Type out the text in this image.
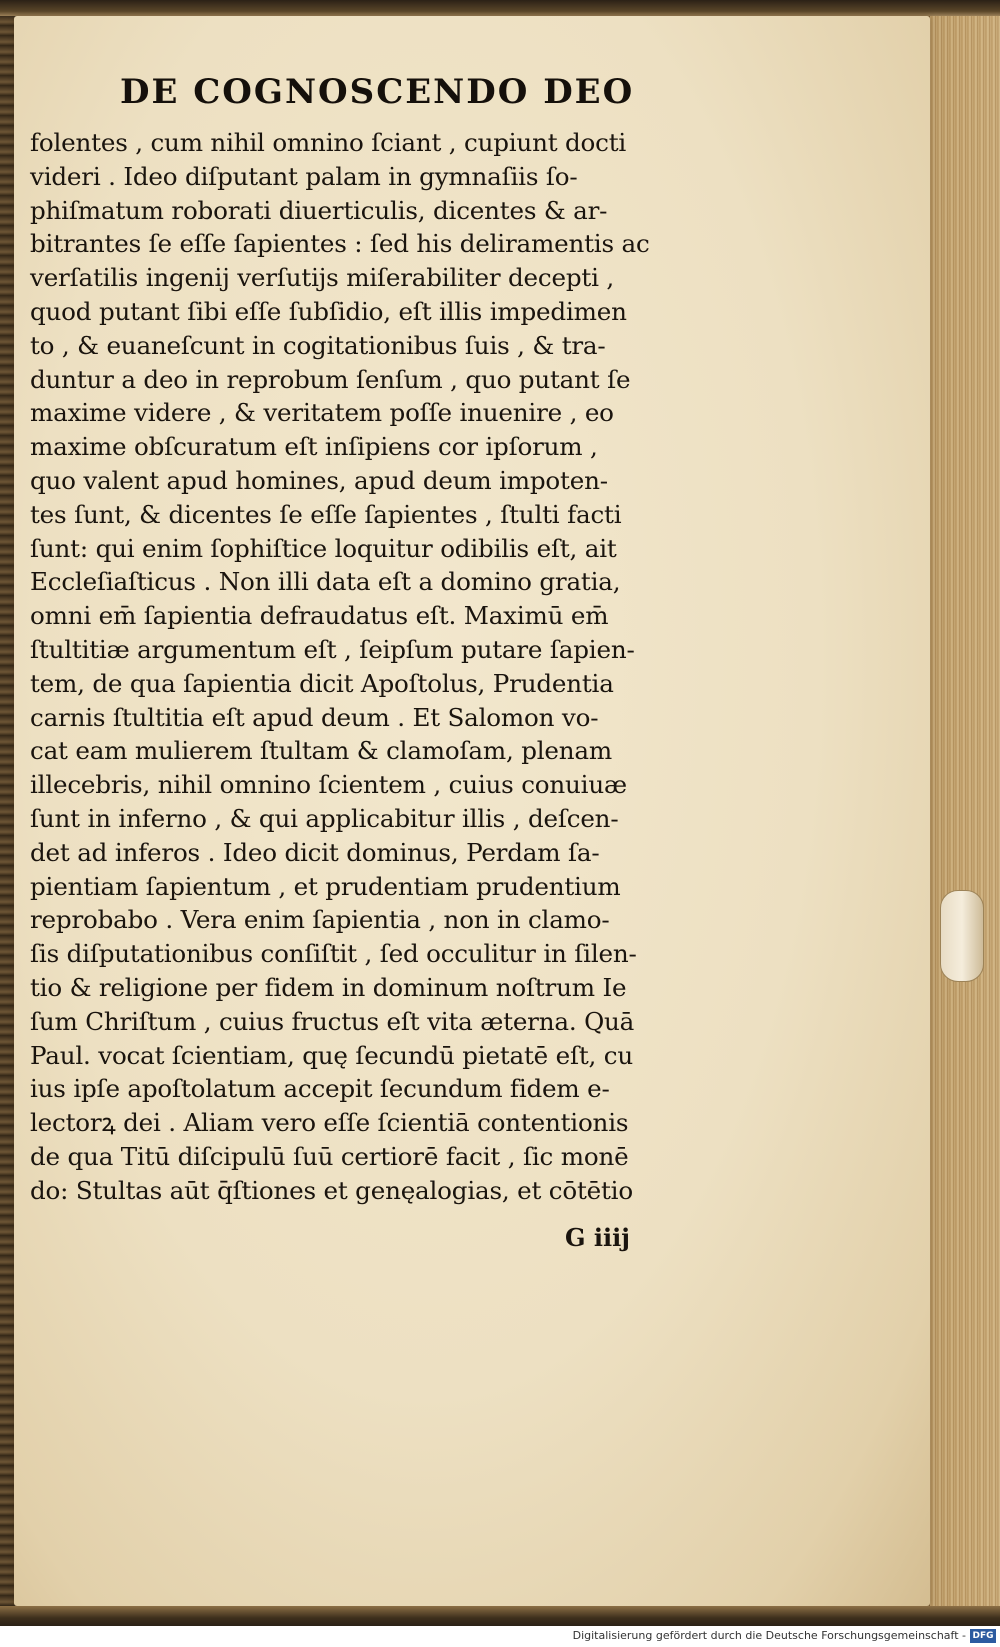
DE COGNOSCENDO DEO
folentes , cum nihil omnino ſciant , cupiunt docti
videri . Ideo diſputant palam in gymnaſiis ſo-
phiſmatum roborati diuerticulis, dicentes & ar-
bitrantes ſe eſſe ſapientes : ſed his deliramentis ac
verſatilis ingenij verſutijs miſerabiliter decepti ,
quod putant ſibi eſſe ſubſidio, eſt illis impedimen
to , & euaneſcunt in cogitationibus ſuis , & tra-
duntur a deo in reprobum ſenſum , quo putant ſe
maxime videre , & veritatem poſſe inuenire , eo
maxime obſcuratum eſt inſipiens cor ipſorum ,
quo valent apud homines, apud deum impoten-
tes ſunt, & dicentes ſe eſſe ſapientes , ſtulti facti
ſunt: qui enim ſophiſtice loquitur odibilis eſt, ait
Eccleſiaſticus . Non illi data eſt a domino gratia,
omni em̄ ſapientia defraudatus eſt. Maximū em̄
ſtultitiæ argumentum eſt , ſeipſum putare ſapien-
tem, de qua ſapientia dicit Apoſtolus, Prudentia
carnis ſtultitia eſt apud deum . Et Salomon vo-
cat eam mulierem ſtultam & clamoſam, plenam
illecebris, nihil omnino ſcientem , cuius conuiuæ
ſunt in inferno , & qui applicabitur illis , deſcen-
det ad inferos . Ideo dicit dominus, Perdam ſa-
pientiam ſapientum , et prudentiam prudentium
reprobabo . Vera enim ſapientia , non in clamo-
ſis diſputationibus conſiſtit , ſed occulitur in ſilen-
tio & religione per fidem in dominum noſtrum Ie
ſum Chriſtum , cuius fructus eſt vita æterna. Quā
Paul. vocat ſcientiam, quę ſecundū pietatē eſt, cu
ius ipſe apoſtolatum accepit ſecundum fidem e-
lectorꝝ dei . Aliam vero eſſe ſcientiā contentionis
de qua Titū diſcipulū ſuū certiorē facit , ſic monē
do: Stultas aūt q̄ſtiones et genęalogias, et cōtētio
G iiij
Digitalisierung gefördert durch die Deutsche Forschungsgemeinschaft - DFG
